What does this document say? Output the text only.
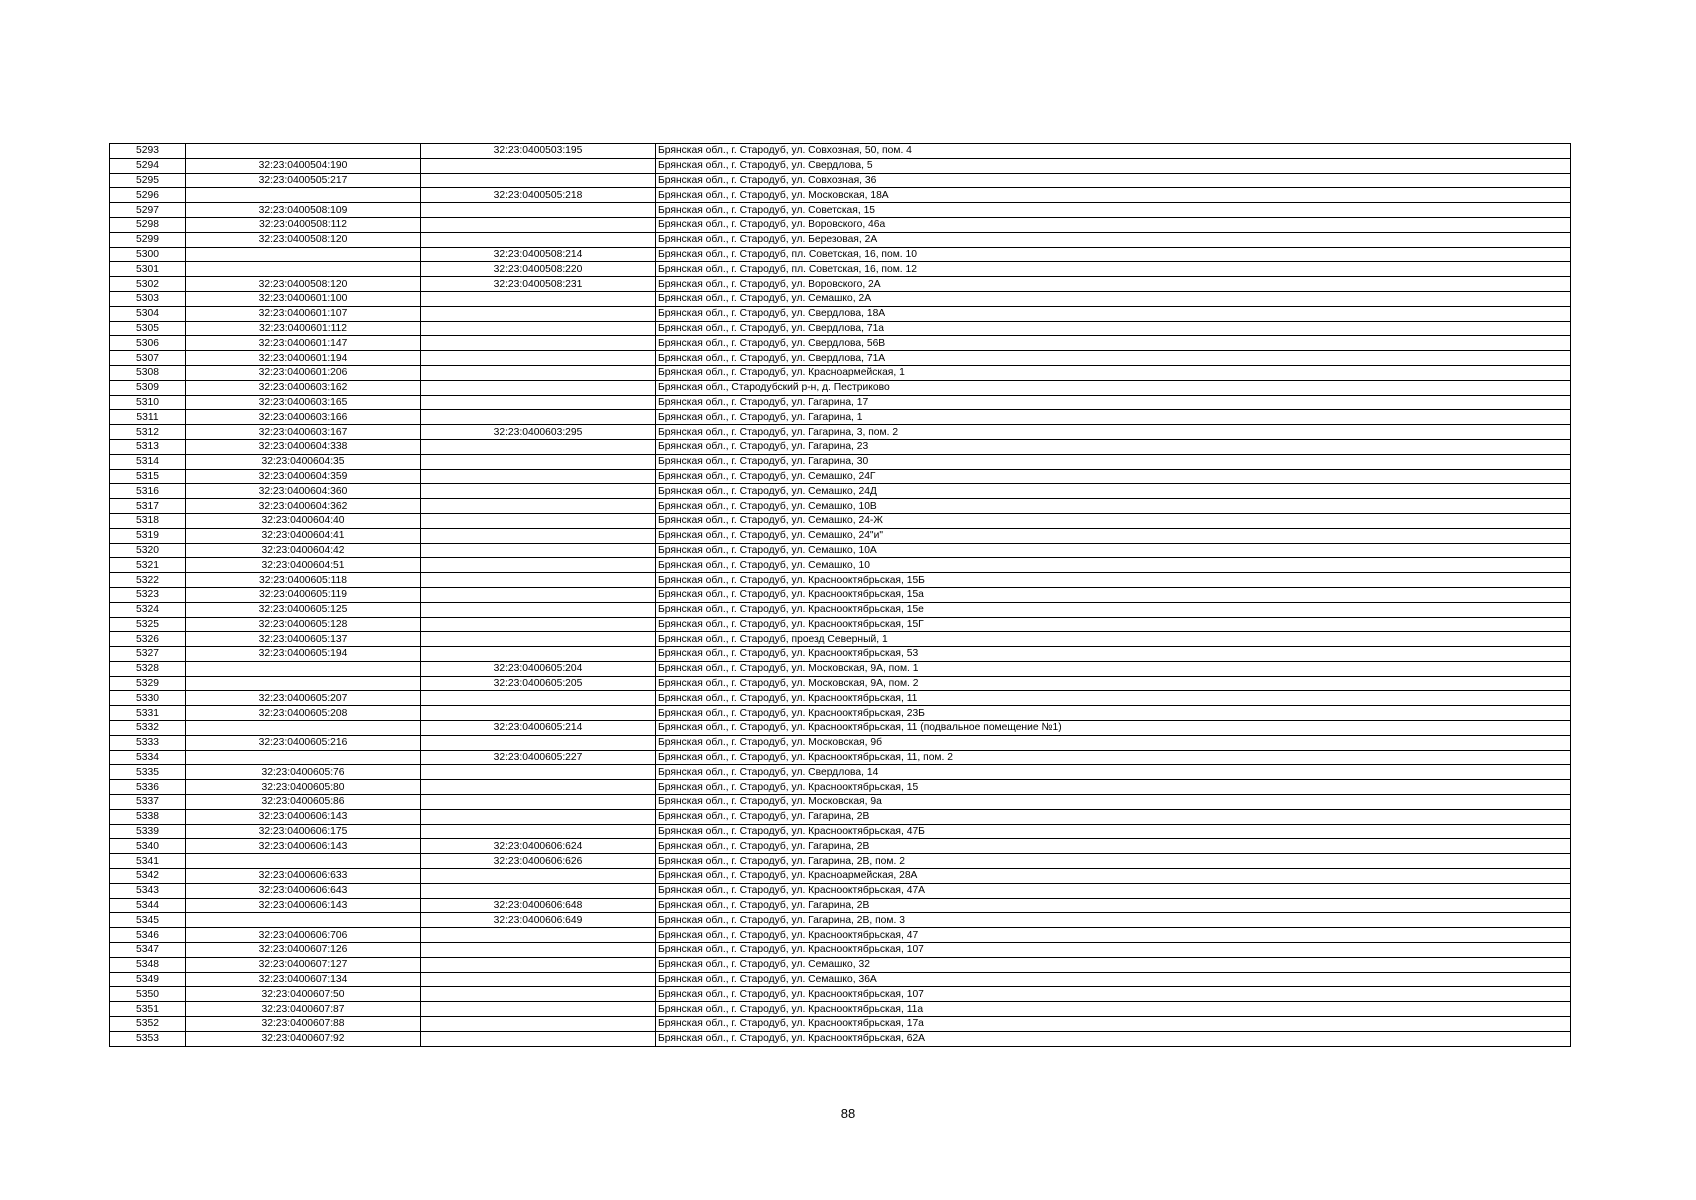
5293		32:23:0400503:195	Брянская обл., г. Стародуб, ул. Совхозная, 50, пом. 4
5294	32:23:0400504:190		Брянская обл., г. Стародуб, ул. Свердлова, 5
5295	32:23:0400505:217		Брянская обл., г. Стародуб, ул. Совхозная, 36
5296		32:23:0400505:218	Брянская обл., г. Стародуб, ул. Московская, 18А
5297	32:23:0400508:109		Брянская обл., г. Стародуб, ул. Советская, 15
5298	32:23:0400508:112		Брянская обл., г. Стародуб, ул. Воровского, 46а
5299	32:23:0400508:120		Брянская обл., г. Стародуб, ул. Березовая, 2А
5300		32:23:0400508:214	Брянская обл., г. Стародуб, пл. Советская, 16, пом. 10
5301		32:23:0400508:220	Брянская обл., г. Стародуб, пл. Советская, 16, пом. 12
5302	32:23:0400508:120	32:23:0400508:231	Брянская обл., г. Стародуб, ул. Воровского, 2А
5303	32:23:0400601:100		Брянская обл., г. Стародуб, ул. Семашко, 2А
5304	32:23:0400601:107		Брянская обл., г. Стародуб, ул. Свердлова, 18А
5305	32:23:0400601:112		Брянская обл., г. Стародуб, ул. Свердлова, 71а
5306	32:23:0400601:147		Брянская обл., г. Стародуб, ул. Свердлова, 56В
5307	32:23:0400601:194		Брянская обл., г. Стародуб, ул. Свердлова, 71А
5308	32:23:0400601:206		Брянская обл., г. Стародуб, ул. Красноармейская, 1
5309	32:23:0400603:162		Брянская обл., Стародубский р-н, д. Пестриково
5310	32:23:0400603:165		Брянская обл., г. Стародуб, ул. Гагарина, 17
5311	32:23:0400603:166		Брянская обл., г. Стародуб, ул. Гагарина, 1
5312	32:23:0400603:167	32:23:0400603:295	Брянская обл., г. Стародуб, ул. Гагарина, 3, пом. 2
5313	32:23:0400604:338		Брянская обл., г. Стародуб, ул. Гагарина, 23
5314	32:23:0400604:35		Брянская обл., г. Стародуб, ул. Гагарина, 30
5315	32:23:0400604:359		Брянская обл., г. Стародуб, ул. Семашко, 24Г
5316	32:23:0400604:360		Брянская обл., г. Стародуб, ул. Семашко, 24Д
5317	32:23:0400604:362		Брянская обл., г. Стародуб, ул. Семашко, 10В
5318	32:23:0400604:40		Брянская обл., г. Стародуб, ул. Семашко, 24-Ж
5319	32:23:0400604:41		Брянская обл., г. Стародуб, ул. Семашко, 24"и"
5320	32:23:0400604:42		Брянская обл., г. Стародуб, ул. Семашко, 10А
5321	32:23:0400604:51		Брянская обл., г. Стародуб, ул. Семашко, 10
5322	32:23:0400605:118		Брянская обл., г. Стародуб, ул. Краснооктябрьская, 15Б
5323	32:23:0400605:119		Брянская обл., г. Стародуб, ул. Краснооктябрьская, 15а
5324	32:23:0400605:125		Брянская обл., г. Стародуб, ул. Краснооктябрьская, 15е
5325	32:23:0400605:128		Брянская обл., г. Стародуб, ул. Краснооктябрьская, 15Г
5326	32:23:0400605:137		Брянская обл., г. Стародуб, проезд Северный, 1
5327	32:23:0400605:194		Брянская обл., г. Стародуб, ул. Краснооктябрьская, 53
5328		32:23:0400605:204	Брянская обл., г. Стародуб, ул. Московская, 9А, пом. 1
5329		32:23:0400605:205	Брянская обл., г. Стародуб, ул. Московская, 9А, пом. 2
5330	32:23:0400605:207		Брянская обл., г. Стародуб, ул. Краснооктябрьская, 11
5331	32:23:0400605:208		Брянская обл., г. Стародуб, ул. Краснооктябрьская, 23Б
5332		32:23:0400605:214	Брянская обл., г. Стародуб, ул. Краснооктябрьская, 11 (подвальное помещение №1)
5333	32:23:0400605:216		Брянская обл., г. Стародуб, ул. Московская, 9б
5334		32:23:0400605:227	Брянская обл., г. Стародуб, ул. Краснооктябрьская, 11, пом. 2
5335	32:23:0400605:76		Брянская обл., г. Стародуб, ул. Свердлова, 14
5336	32:23:0400605:80		Брянская обл., г. Стародуб, ул. Краснооктябрьская, 15
5337	32:23:0400605:86		Брянская обл., г. Стародуб, ул. Московская, 9а
5338	32:23:0400606:143		Брянская обл., г. Стародуб, ул. Гагарина, 2В
5339	32:23:0400606:175		Брянская обл., г. Стародуб, ул. Краснооктябрьская, 47Б
5340	32:23:0400606:143	32:23:0400606:624	Брянская обл., г. Стародуб, ул. Гагарина, 2В
5341		32:23:0400606:626	Брянская обл., г. Стародуб, ул. Гагарина, 2В, пом. 2
5342	32:23:0400606:633		Брянская обл., г. Стародуб, ул. Красноармейская, 28А
5343	32:23:0400606:643		Брянская обл., г. Стародуб, ул. Краснооктябрьская, 47А
5344	32:23:0400606:143	32:23:0400606:648	Брянская обл., г. Стародуб, ул. Гагарина, 2В
5345		32:23:0400606:649	Брянская обл., г. Стародуб, ул. Гагарина, 2В, пом. 3
5346	32:23:0400606:706		Брянская обл., г. Стародуб, ул. Краснооктябрьская, 47
5347	32:23:0400607:126		Брянская обл., г. Стародуб, ул. Краснооктябрьская, 107
5348	32:23:0400607:127		Брянская обл., г. Стародуб, ул. Семашко, 32
5349	32:23:0400607:134		Брянская обл., г. Стародуб, ул. Семашко, 36А
5350	32:23:0400607:50		Брянская обл., г. Стародуб, ул. Краснооктябрьская, 107
5351	32:23:0400607:87		Брянская обл., г. Стародуб, ул. Краснооктябрьская, 11а
5352	32:23:0400607:88		Брянская обл., г. Стародуб, ул. Краснооктябрьская, 17а
5353	32:23:0400607:92		Брянская обл., г. Стародуб, ул. Краснооктябрьская, 62А
88
